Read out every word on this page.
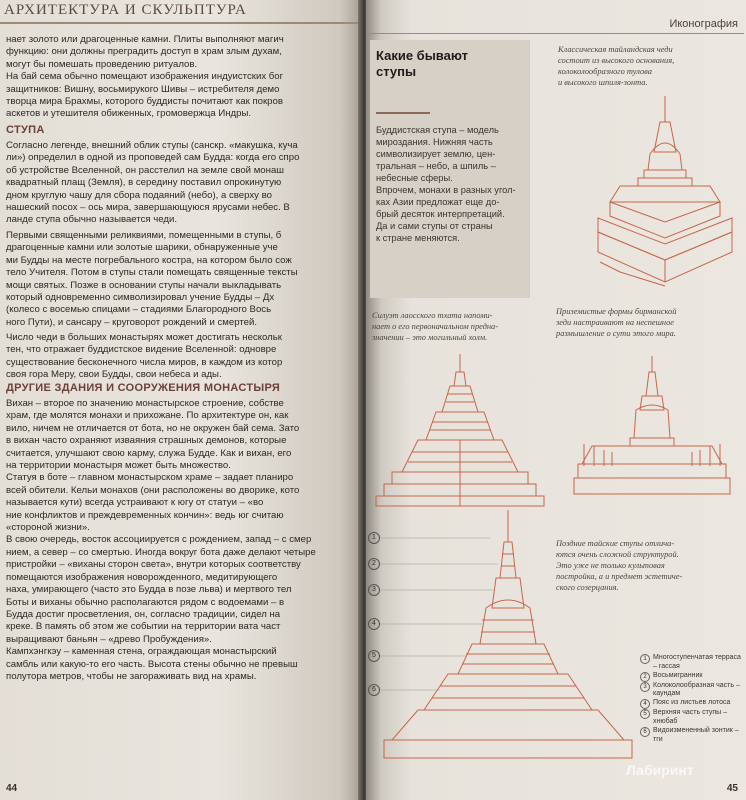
АРХИТЕКТУРА И СКУЛЬПТУРА
нает золото или драгоценные камни. Плиты выполняют магич
функцию: они должны преградить доступ в храм злым духам,
могут бы помешать проведению ритуалов.
На бай сема обычно помещают изображения индуистских бог
защитников: Вишну, восьмирукого Шивы – истребителя демо
творца мира Брахмы, которого буддисты почитают как покров
аскетов и утешителя обиженных, громовержца Индры.
СТУПА
Согласно легенде, внешний облик ступы (санскр. «макушка, куча
ли») определил в одной из проповедей сам Будда: когда его спро
об устройстве Вселенной, он расстелил на земле свой монаш
квадратный плащ (Земля), в середину поставил опрокинутую
дном круглую чашу для сбора подаяний (небо), а сверху во
нашеский посох – ось мира, завершающуюся ярусами небес. В
ланде ступа обычно называется чеди.
Первыми священными реликвиями, помещенными в ступы, б
драгоценные камни или золотые шарики, обнаруженные уче
ми Будды на месте погребального костра, на котором было сож
тело Учителя. Потом в ступы стали помещать священные тексты
мощи святых. Позже в основании ступы начали выкладывать
который одновременно символизировал учение Будды – Дх
(колесо с восемью спицами – стадиями Благородного Вось
ного Пути), и сансару – круговорот рождений и смертей.
Число чеди в больших монастырях может достигать нескольк
тен, что отражает буддистское видение Вселенной: одновре
существование бесконечного числа миров, в каждом из котор
своя гора Меру, свои Будды, свои небеса и ады.
ДРУГИЕ ЗДАНИЯ И СООРУЖЕНИЯ МОНАСТЫРЯ
Вихан – второе по значению монастырское строение, собстве
храм, где молятся монахи и прихожане. По архитектуре он, как
вило, ничем не отличается от бота, но не окружен бай сема. Зато
в вихан часто охраняют изваяния страшных демонов, которые
считается, улучшают свою карму, служа Будде. Как и вихан, его
на территории монастыря может быть множество.
Статуя в боте – главном монастырском храме – задает планиро
всей обители. Кельи монахов (они расположены во дворике, кото
называется кути) всегда устраивают к югу от статуи – «во
ние конфликтов и преждевременных кончин»: ведь юг считаю
«стороной жизни».
В свою очередь, восток ассоциируется с рождением, запад – с смер
нием, а север – со смертью. Иногда вокруг бота даже делают четыре
пристройки – «виханы сторон света», внутри которых соответству
помещаются изображения новорожденного, медитирующего
наха, умирающего (часто это Будда в позе льва) и мертвого тел
Боты и виханы обычно располагаются рядом с водоемами – в
Будда достиг просветления, он, согласно традиции, сидел на
креке. В память об этом же событии на территории вата част
выращивают баньян – «древо Пробуждения».
Кампхэнгкэу – каменная стена, ограждающая монастырский
самбль или какую-то его часть. Высота стены обычно не превыш
полутора метров, чтобы не загораживать вид на храмы.
44
Иконография
Какие бывают
ступы
Буддистская ступа – модель
мироздания. Нижняя часть
символизирует землю, цен-
тральная – небо, а шпиль –
небесные сферы.
Впрочем, монахи в разных угол-
ках Азии предложат еще до-
брый десяток интерпретаций.
Да и сами ступы от страны
к стране меняются.
Классическая тайландская чеди
состоит из высокого основания,
колоколообразного тулова
и высокого шпиля-зонта.
Силуэт лаосского тхата напоми-
нает о его первоначальном предна-
значении – это могильный холм.
Приземистые формы бирманской
зеди настраивают на неспешное
размышление о сути этого мира.
Поздние тайские ступы отлича-
ются очень сложной структурой.
Это уже не только культовая
постройка, а и предмет эстетиче-
ского созерцания.
1 Многоступенчатая терраса – гассая
2 Восьмигранник
3 Колоколообразная часть – каундам
4 Пояс из листьев лотоса
5 Верхняя часть ступы – хнюбаб
6 Видоизмененный зонтик – тги
45
Лабиринт
1
2
3
4
5
6
